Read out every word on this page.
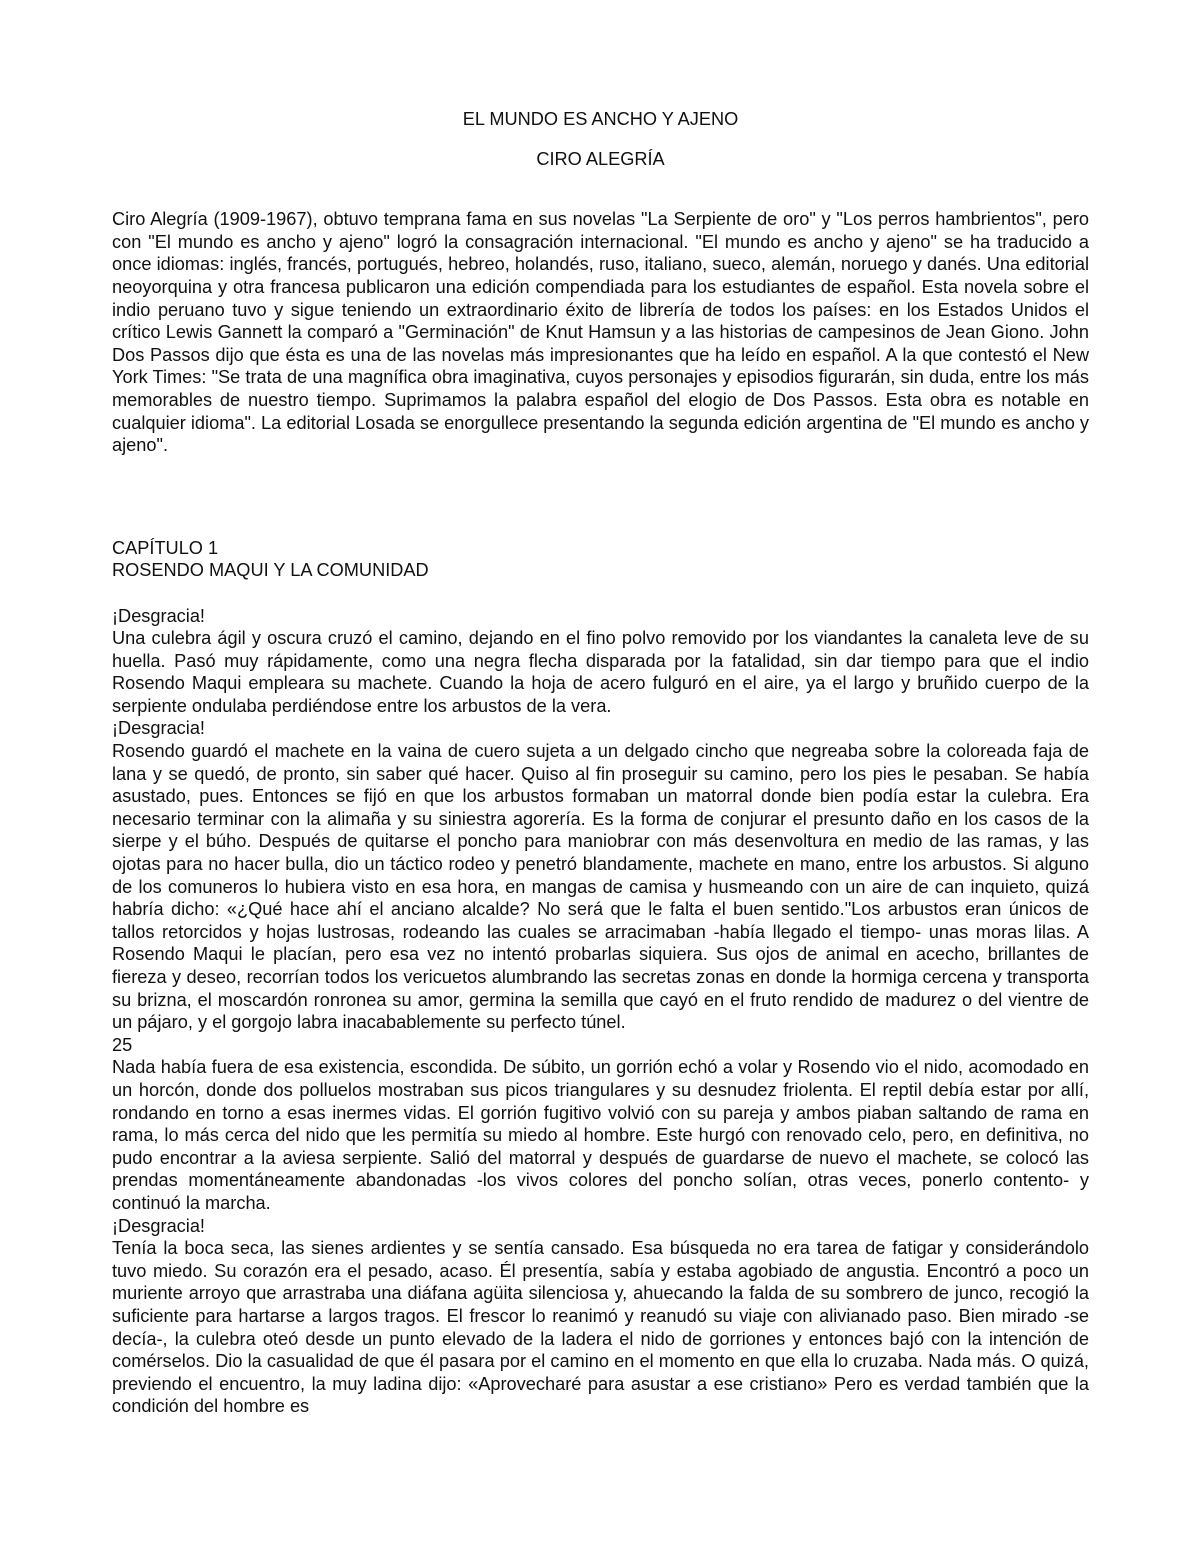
EL MUNDO ES ANCHO Y AJENO

CIRO ALEGRÍA

Ciro Alegría (1909-1967), obtuvo temprana fama en sus novelas "La Serpiente de oro" y "Los perros hambrientos", pero con "El mundo es ancho y ajeno" logró la consagración internacional. "El mundo es ancho y ajeno" se ha traducido a once idiomas: inglés, francés, portugués, hebreo, holandés, ruso, italiano, sueco, alemán, noruego y danés. Una editorial neoyorquina y otra francesa publicaron una edición compendiada para los estudiantes de español. Esta novela sobre el indio peruano tuvo y sigue teniendo un extraordinario éxito de librería de todos los países: en los Estados Unidos el crítico Lewis Gannett la comparó a "Germinación" de Knut Hamsun y a las historias de campesinos de Jean Giono. John Dos Passos dijo que ésta es una de las novelas más impresionantes que ha leído en español. A la que contestó el New York Times: "Se trata de una magnífica obra imaginativa, cuyos personajes y episodios figurarán, sin duda, entre los más memorables de nuestro tiempo. Suprimamos la palabra español del elogio de Dos Passos. Esta obra es notable en cualquier idioma". La editorial Losada se enorgullece presentando la segunda edición argentina de "El mundo es ancho y ajeno".

CAPÍTULO 1

ROSENDO MAQUI Y LA COMUNIDAD

¡Desgracia!

Una culebra ágil y oscura cruzó el camino, dejando en el fino polvo removido por los viandantes la canaleta leve de su huella. Pasó muy rápidamente, como una negra flecha disparada por la fatalidad, sin dar tiempo para que el indio Rosendo Maqui empleara su machete. Cuando la hoja de acero fulguró en el aire, ya el largo y bruñido cuerpo de la serpiente ondulaba perdiéndose entre los arbustos de la vera.

¡Desgracia!

Rosendo guardó el machete en la vaina de cuero sujeta a un delgado cincho que negreaba sobre la coloreada faja de lana y se quedó, de pronto, sin saber qué hacer. Quiso al fin proseguir su camino, pero los pies le pesaban. Se había asustado, pues. Entonces se fijó en que los arbustos formaban un matorral donde bien podía estar la culebra. Era necesario terminar con la alimaña y su siniestra agorería. Es la forma de conjurar el presunto daño en los casos de la sierpe y el búho. Después de quitarse el poncho para maniobrar con más desenvoltura en medio de las ramas, y las ojotas para no hacer bulla, dio un táctico rodeo y penetró blandamente, machete en mano, entre los arbustos. Si alguno de los comuneros lo hubiera visto en esa hora, en mangas de camisa y husmeando con un aire de can inquieto, quizá habría dicho: «¿Qué hace ahí el anciano alcalde? No será que le falta el buen sentido."Los arbustos eran únicos de tallos retorcidos y hojas lustrosas, rodeando las cuales se arracimaban -había llegado el tiempo- unas moras lilas. A Rosendo Maqui le placían, pero esa vez no intentó probarlas siquiera. Sus ojos de animal en acecho, brillantes de fiereza y deseo, recorrían todos los vericuetos alumbrando las secretas zonas en donde la hormiga cercena y transporta su brizna, el moscardón ronronea su amor, germina la semilla que cayó en el fruto rendido de madurez o del vientre de un pájaro, y el gorgojo labra inacabablemente su perfecto túnel.

25

Nada había fuera de esa existencia, escondida. De súbito, un gorrión echó a volar y Rosendo vio el nido, acomodado en un horcón, donde dos polluelos mostraban sus picos triangulares y su desnudez friolenta. El reptil debía estar por allí, rondando en torno a esas inermes vidas. El gorrión fugitivo volvió con su pareja y ambos piaban saltando de rama en rama, lo más cerca del nido que les permitía su miedo al hombre. Este hurgó con renovado celo, pero, en definitiva, no pudo encontrar a la aviesa serpiente. Salió del matorral y después de guardarse de nuevo el machete, se colocó las prendas momentáneamente abandonadas -los vivos colores del poncho solían, otras veces, ponerlo contento- y continuó la marcha.

¡Desgracia!

Tenía la boca seca, las sienes ardientes y se sentía cansado. Esa búsqueda no era tarea de fatigar y considerándolo tuvo miedo. Su corazón era el pesado, acaso. Él presentía, sabía y estaba agobiado de angustia. Encontró a poco un muriente arroyo que arrastraba una diáfana agüita silenciosa y, ahuecando la falda de su sombrero de junco, recogió la suficiente para hartarse a largos tragos. El frescor lo reanimó y reanudó su viaje con alivianado paso. Bien mirado -se decía-, la culebra oteó desde un punto elevado de la ladera el nido de gorriones y entonces bajó con la intención de comérselos. Dio la casualidad de que él pasara por el camino en el momento en que ella lo cruzaba. Nada más. O quizá, previendo el encuentro, la muy ladina dijo: «Aprovecharé para asustar a ese cristiano» Pero es verdad también que la condición del hombre es
